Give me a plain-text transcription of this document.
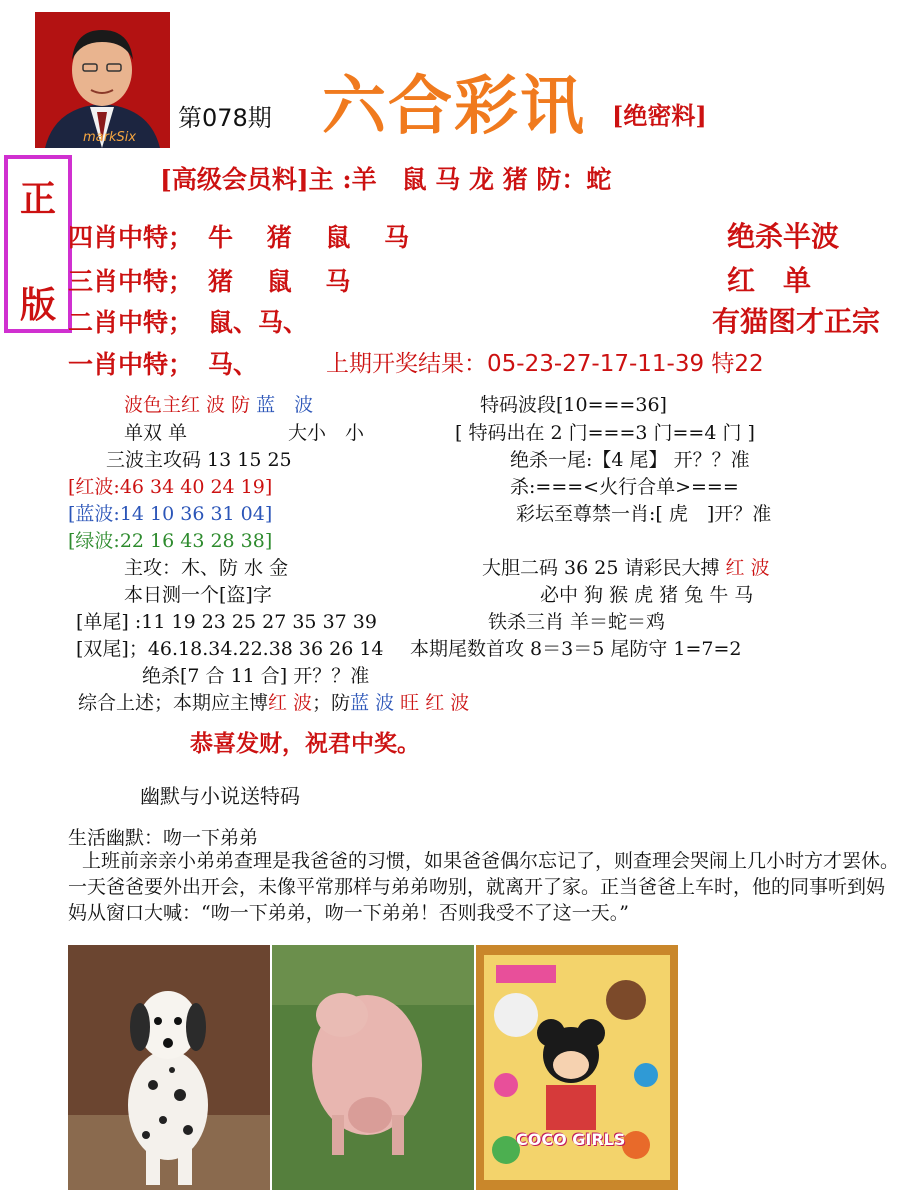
markSix
第078期 六合彩讯 [绝密料]
正
版
[高级会员料]主 :羊　鼠 马 龙 猪 防：蛇
四肖中特； 牛　 猪　 鼠　 马	绝杀半波
三肖中特； 猪　 鼠　 马	红　单
二肖中特； 鼠、马、	有猫图才正宗
一肖中特； 马、	上期开奖结果：05-23-27-17-11-39 特22
波色主红 波 防 蓝　波
单双 单	大小　小
三波主攻码 13 15 25
[红波:46 34 40 24 19]
[蓝波:14 10 36 31 04]
[绿波:22 16 43 28 38]
主攻：木、防 水 金
本日测一个[盗]字
[单尾] :11 19 23 25 27 35 37 39
[双尾]；46.18.34.22.38 36 26 14
绝杀[7 合 11 合] 开？？准
综合上述；本期应主博红 波；防蓝 波 旺 红 波
特码波段[10===36]
[ 特码出在 2 门===3 门==4 门 ]
绝杀一尾:【4 尾】 开？？准
杀:===<火行合单>===
彩坛至尊禁一肖:[ 虎　]开？准
大胆二码 36 25 请彩民大搏 红 波
必中 狗 猴 虎 猪 兔 牛 马
铁杀三肖 羊＝蛇＝鸡
本期尾数首攻 8＝3＝5 尾防守 1=7=2
恭喜发财，祝君中奖。
幽默与小说送特码
生活幽默：吻一下弟弟
上班前亲亲小弟弟查理是我爸爸的习惯，如果爸爸偶尔忘记了，则查理会哭闹上几小时方才罢休。一天爸爸要外出开会，未像平常那样与弟弟吻别，就离开了家。正当爸爸上车时，他的同事听到妈妈从窗口大喊：“吻一下弟弟，吻一下弟弟！否则我受不了这一天。”
COCO GIRLS
